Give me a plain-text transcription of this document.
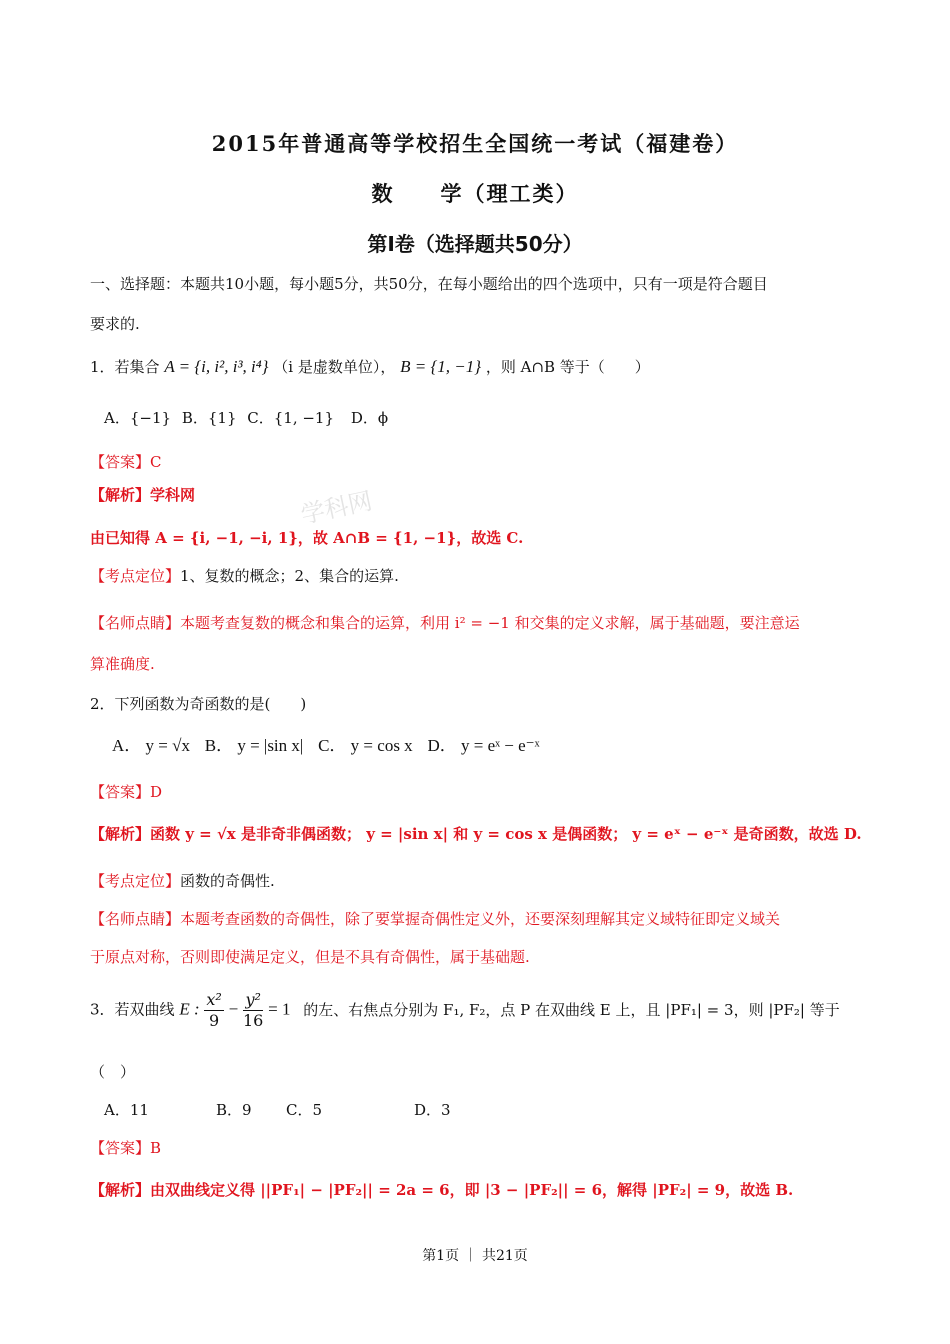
学科网
2015年普通高等学校招生全国统一考试（福建卷）
数　　学（理工类）
第Ⅰ卷（选择题共50分）
一、选择题：本题共10小题，每小题5分，共50分，在每小题给出的四个选项中，只有一项是符合题目
要求的.
1．若集合 A = {i, i², i³, i⁴} （i 是虚数单位）， B = {1, −1} ，则 A∩B 等于（　　）
A．{−1} B．{1} C．{1, −1} D．ϕ
【答案】C
【解析】学科网
由已知得 A = {i, −1, −i, 1}，故 A∩B = {1, −1}，故选 C.
【考点定位】1、复数的概念；2、集合的运算.
【名师点睛】本题考查复数的概念和集合的运算，利用 i² = −1 和交集的定义求解，属于基础题，要注意运
算准确度.
2．下列函数为奇函数的是(　　)
A． y = √x B． y = |sin x| C． y = cos x D． y = eˣ − e⁻ˣ
【答案】D
【解析】函数 y = √x 是非奇非偶函数； y = |sin x| 和 y = cos x 是偶函数； y = eˣ − e⁻ˣ 是奇函数，故选 D.
【考点定位】函数的奇偶性.
【名师点睛】本题考查函数的奇偶性，除了要掌握奇偶性定义外，还要深刻理解其定义域特征即定义域关
于原点对称，否则即使满足定义，但是不具有奇偶性，属于基础题.
3．若双曲线 E : $\frac{\text{x²}}{9} - \frac{\text{y²}}{16} = 1$ 的左、右焦点分别为 F₁, F₂，点 P 在双曲线 E 上，且 |PF₁| = 3，则 |PF₂| 等于
（　）
A．11	B．9 C．5	D．3
【答案】B
【解析】由双曲线定义得 ||PF₁| − |PF₂|| = 2a = 6，即 |3 − |PF₂|| = 6，解得 |PF₂| = 9，故选 B.
第1页 ｜ 共21页
